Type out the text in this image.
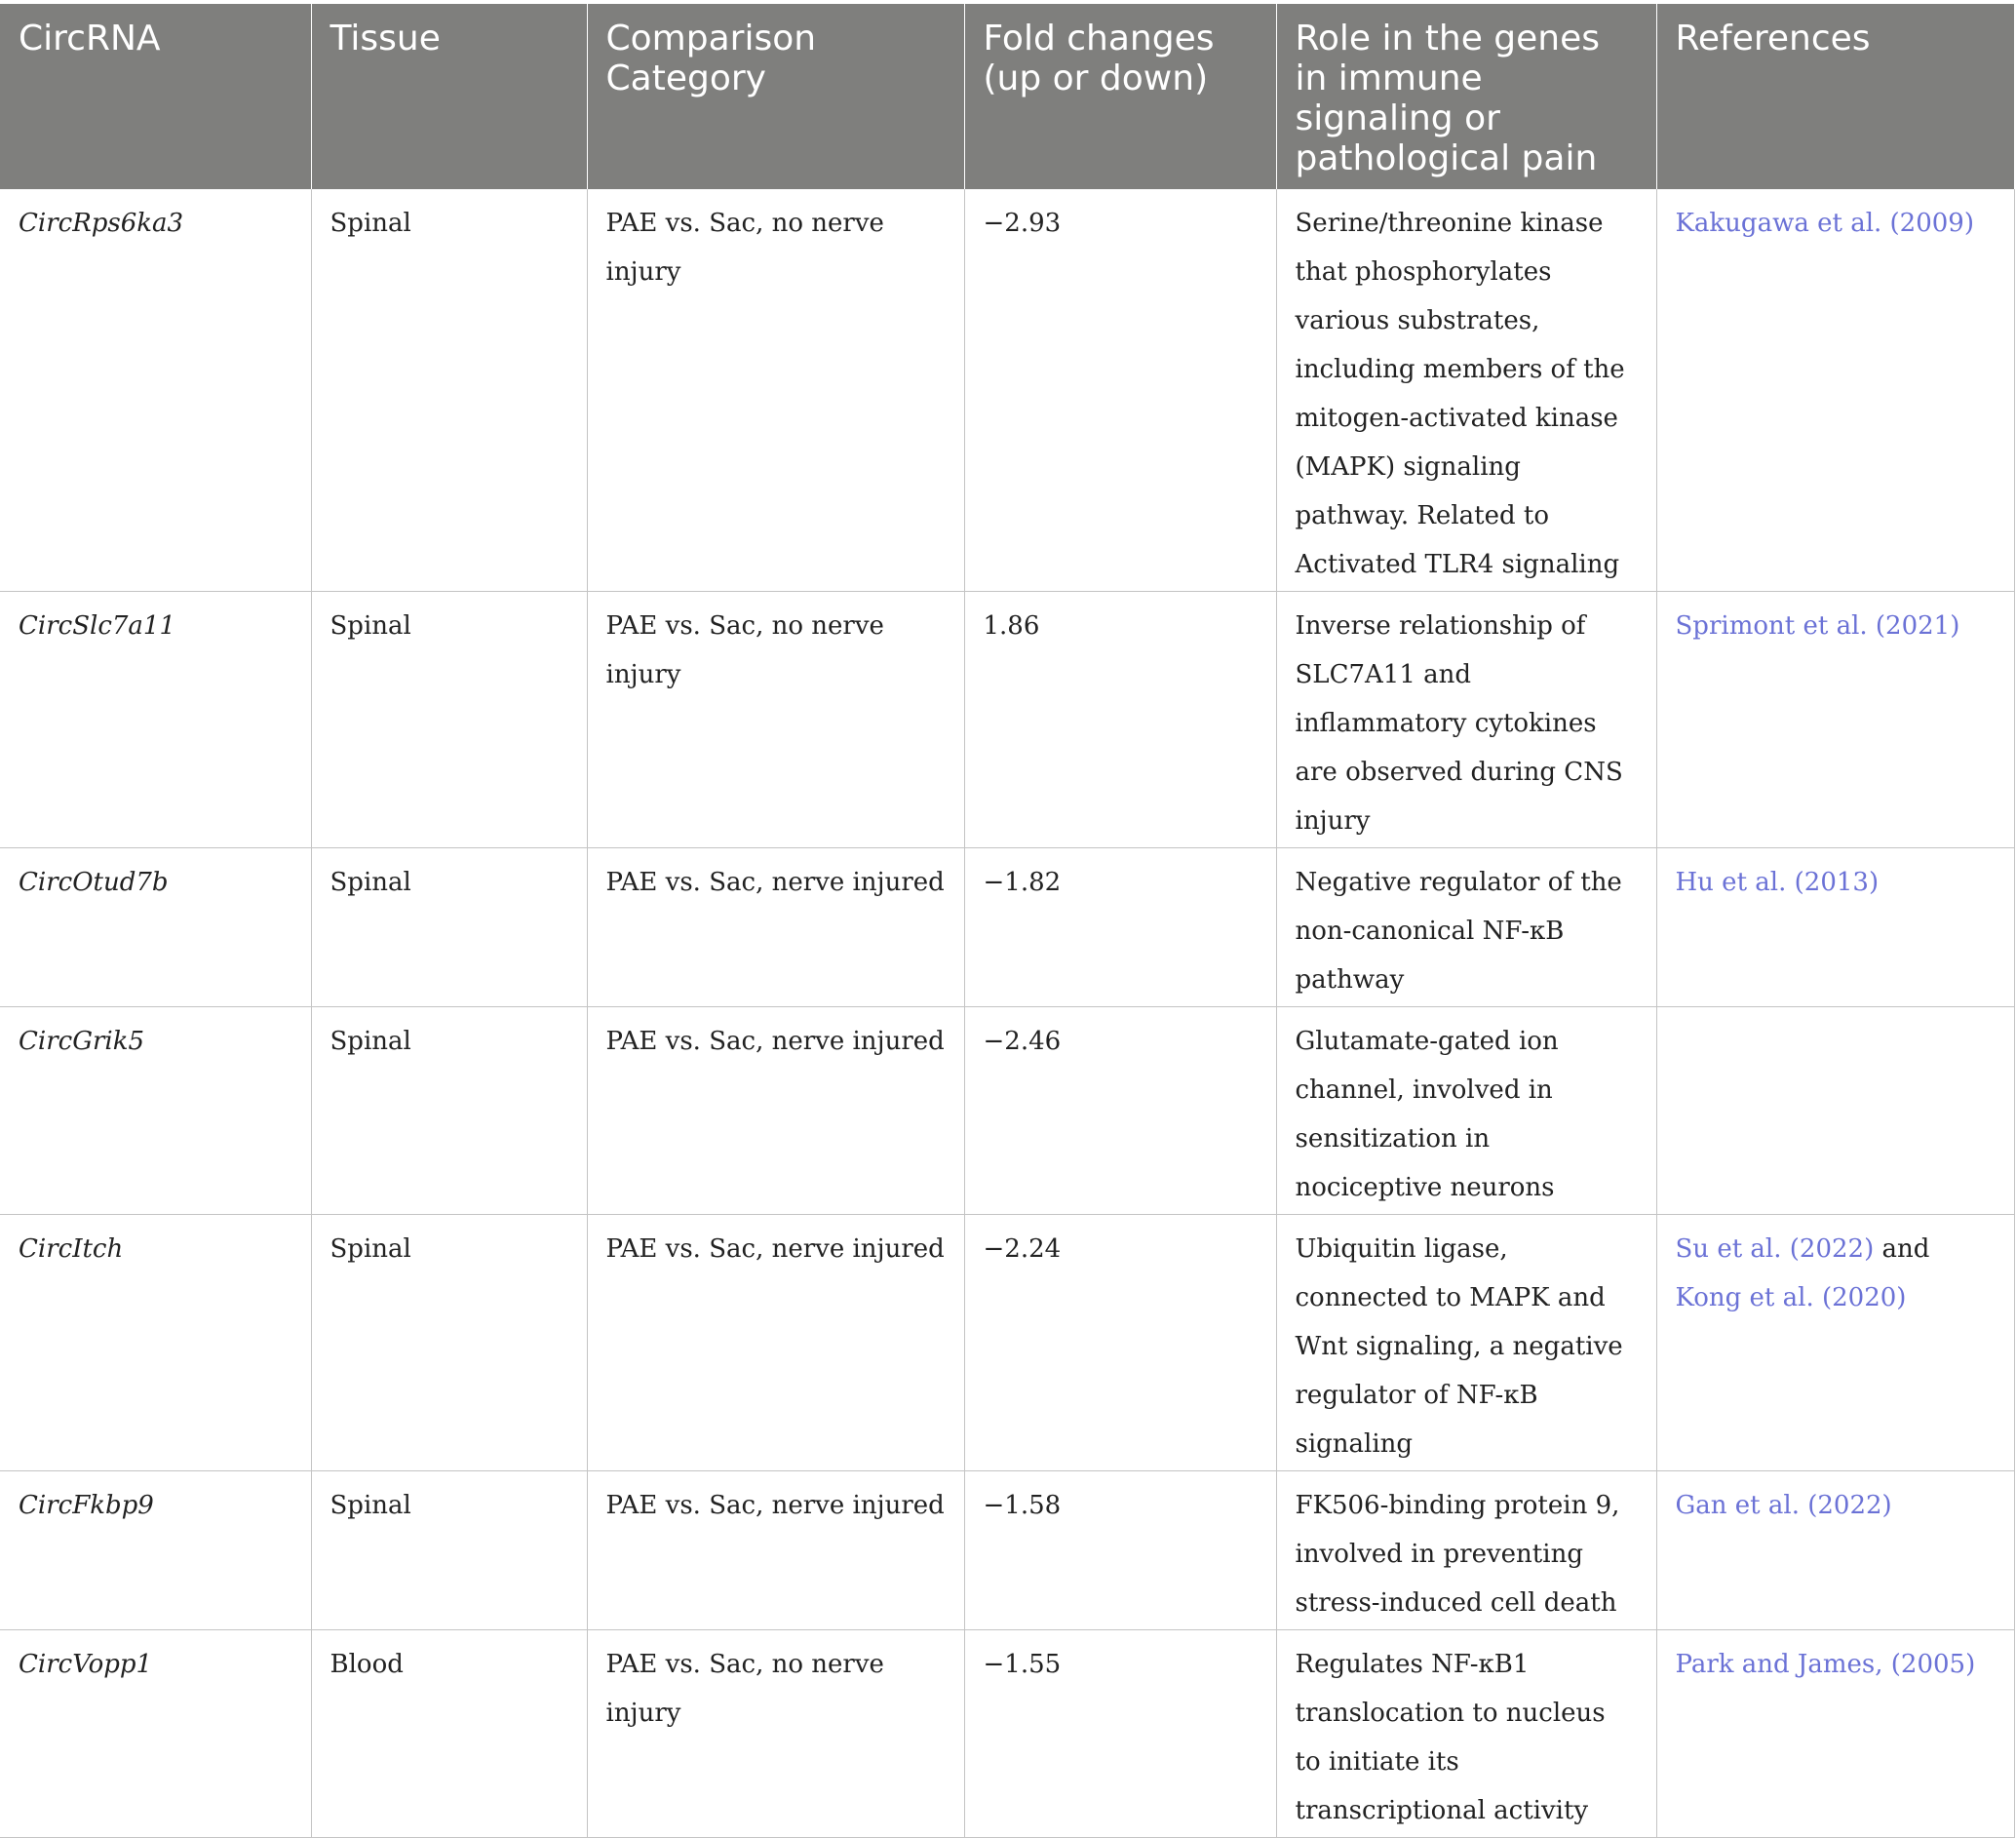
CircRNA	Tissue	Comparison Category	Fold changes (up or down)	Role in the genes in immune signaling or pathological pain	References
CircRps6ka3	Spinal	PAE vs. Sac, no nerve injury	−2.93	Serine/threonine kinase that phosphorylates various substrates, including members of the mitogen-activated kinase (MAPK) signaling pathway. Related to Activated TLR4 signaling	Kakugawa et al. (2009)
CircSlc7a11	Spinal	PAE vs. Sac, no nerve injury	1.86	Inverse relationship of SLC7A11 and inflammatory cytokines are observed during CNS injury	Sprimont et al. (2021)
CircOtud7b	Spinal	PAE vs. Sac, nerve injured	−1.82	Negative regulator of the non-canonical NF-κB pathway	Hu et al. (2013)
CircGrik5	Spinal	PAE vs. Sac, nerve injured	−2.46	Glutamate-gated ion channel, involved in sensitization in nociceptive neurons	
CircItch	Spinal	PAE vs. Sac, nerve injured	−2.24	Ubiquitin ligase, connected to MAPK and Wnt signaling, a negative regulator of NF-κB signaling	Su et al. (2022) and Kong et al. (2020)
CircFkbp9	Spinal	PAE vs. Sac, nerve injured	−1.58	FK506-binding protein 9, involved in preventing stress-induced cell death	Gan et al. (2022)
CircVopp1	Blood	PAE vs. Sac, no nerve injury	−1.55	Regulates NF-κB1 translocation to nucleus to initiate its transcriptional activity	Park and James, (2005)
